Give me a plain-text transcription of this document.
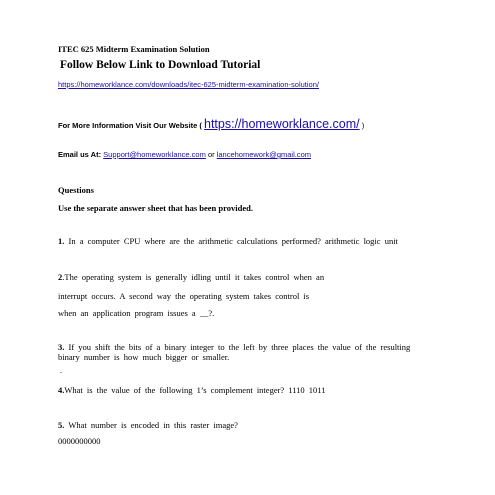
ITEC 625 Midterm Examination Solution
Follow Below Link to Download Tutorial
https://homeworklance.com/downloads/itec-625-midterm-examination-solution/
For More Information Visit Our Website ( https://homeworklance.com/ )
Email us At: Support@homeworklance.com or lancehomework@gmail.com
Questions
Use the separate answer sheet that has been provided.
1. In a computer CPU where are the arithmetic calculations performed? arithmetic logic unit
2.The operating system is generally idling until it takes control when an
interrupt occurs. A second way the operating system takes control is
when an application program issues a __?.
3. If you shift the bits of a binary integer to the left by three places the value of the resulting
binary number is how much bigger or smaller.
.
4.What is the value of the following 1’s complement integer? 1110 1011
5. What number is encoded in this raster image?
0000000000
